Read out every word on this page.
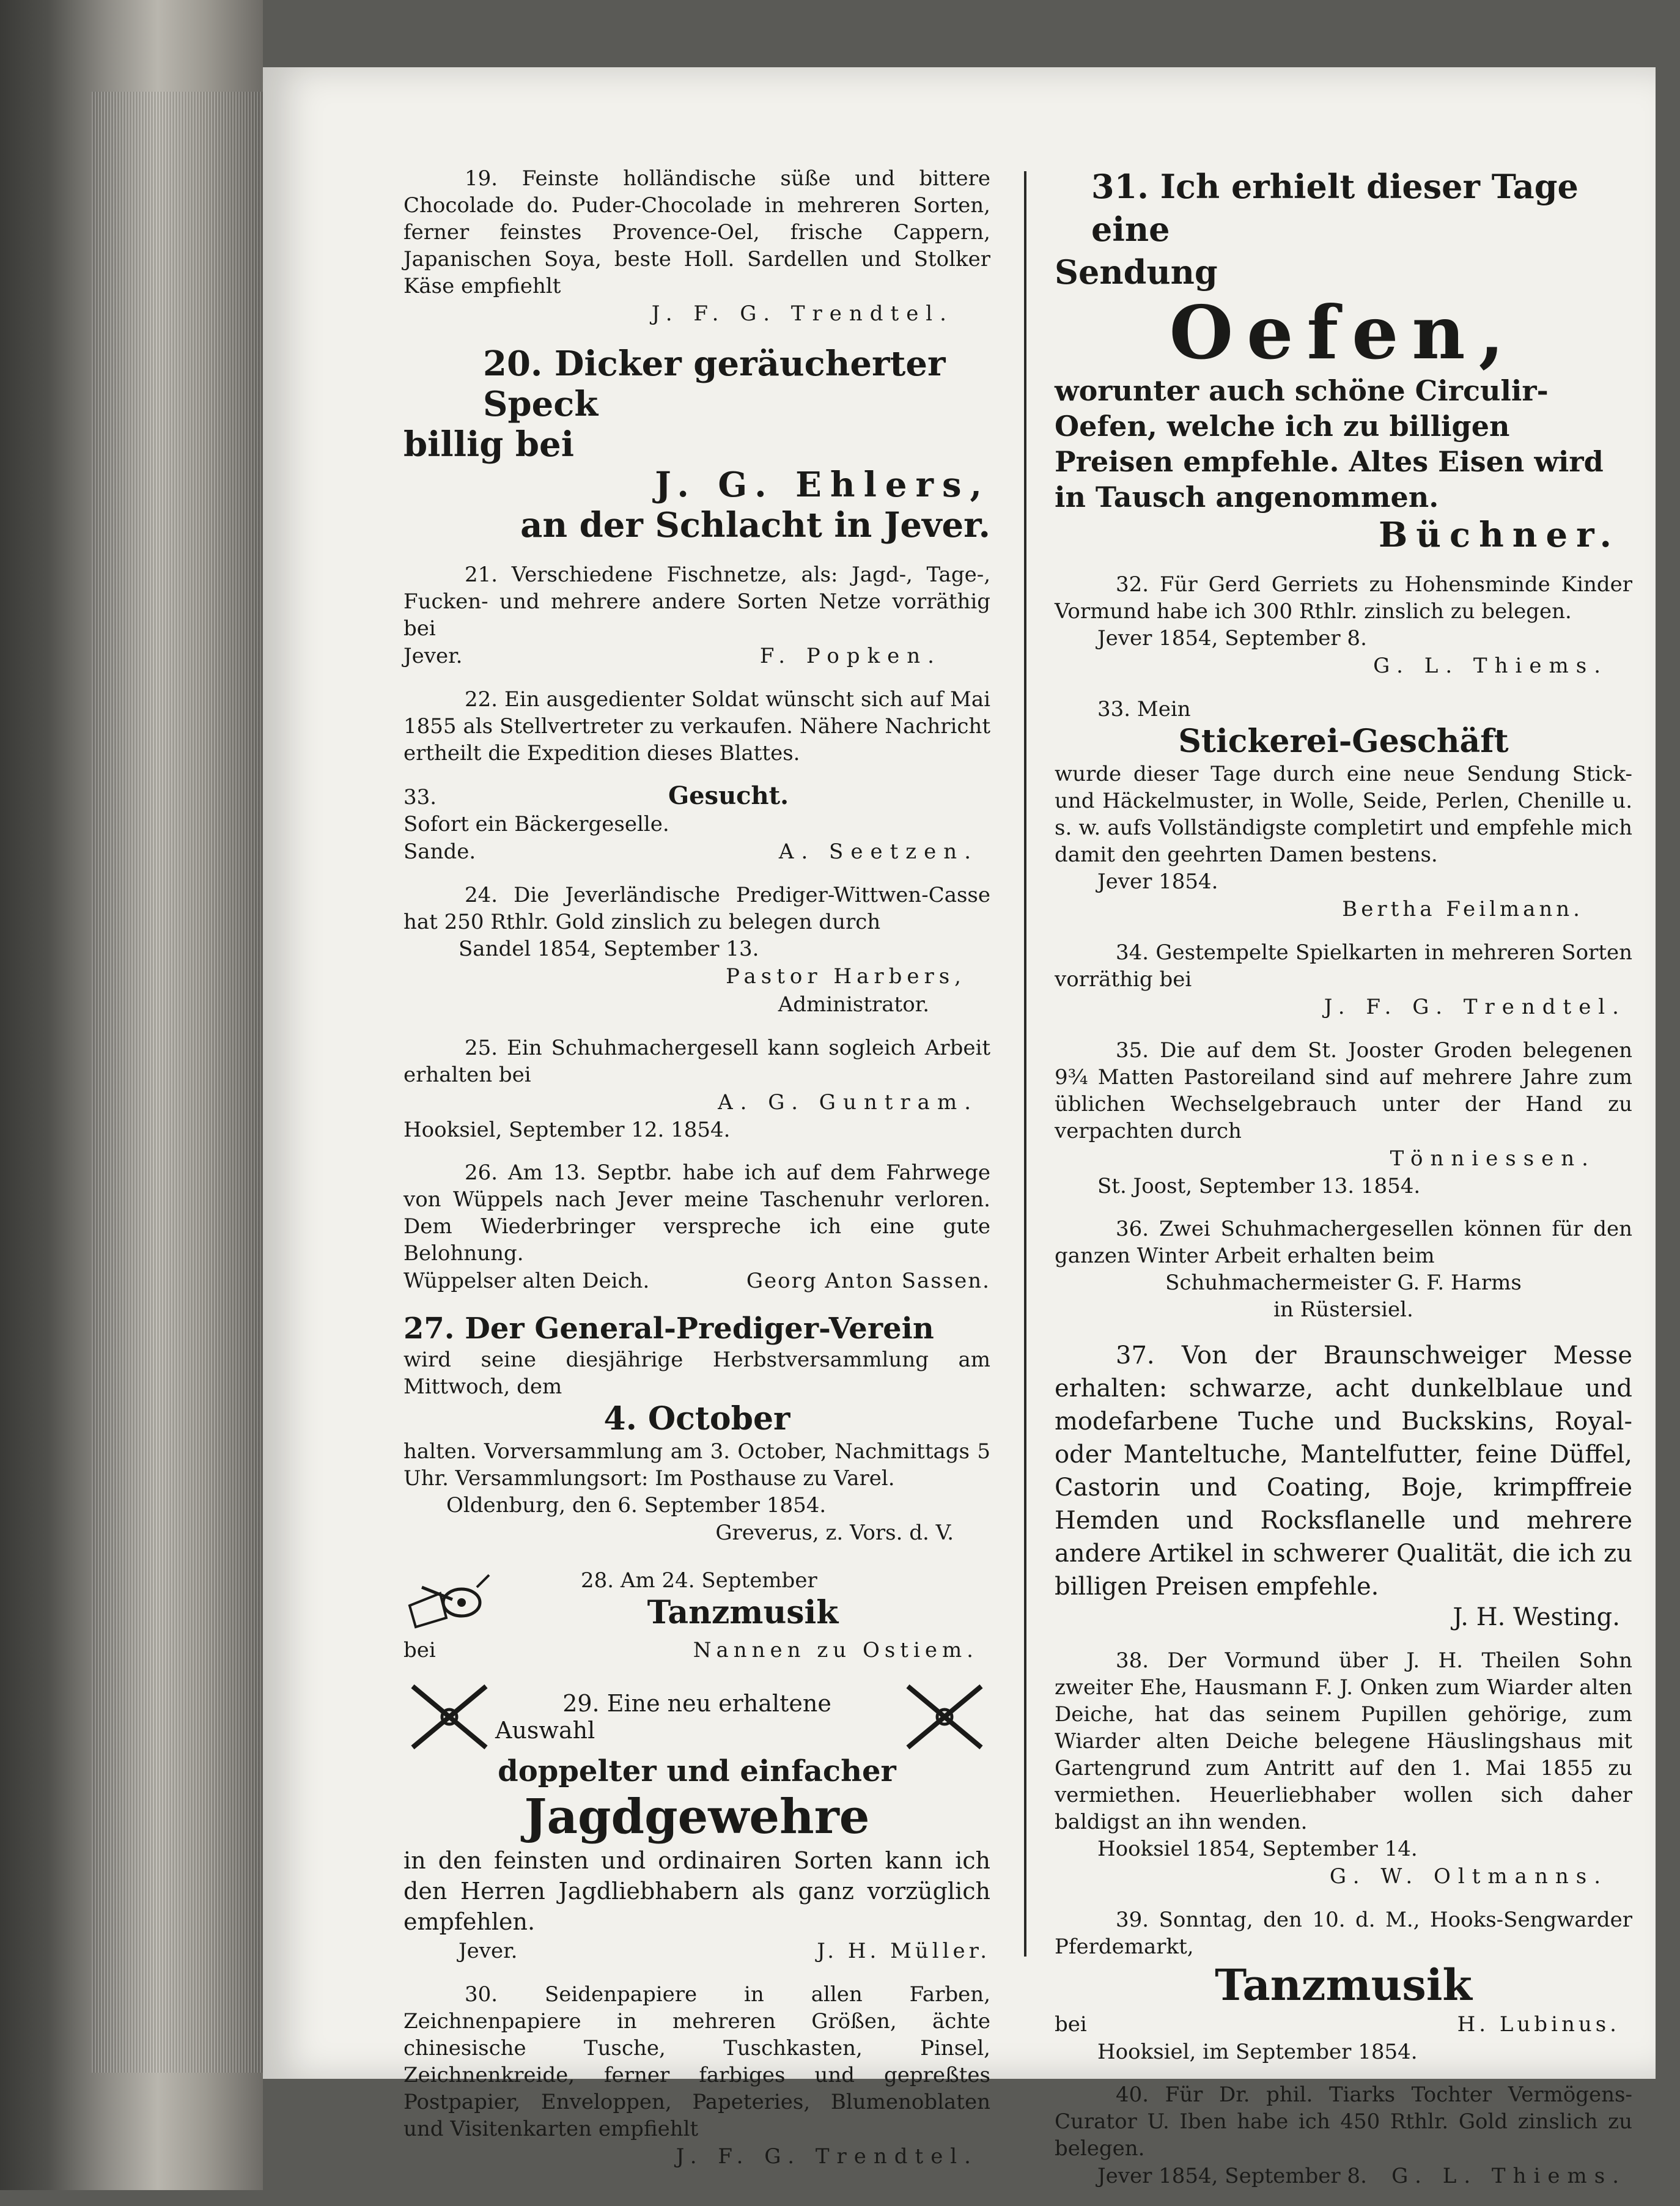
19. Feinste holländische süße und bittere Chocolade do. Puder-Chocolade in mehreren Sorten, ferner feinstes Provence-Oel, frische Cappern, Japanischen Soya, beste Holl. Sardellen und Stolker Käse empfiehlt

J. F. G. Trendtel.

20. Dicker geräucherter Speck

billig bei

J. G. Ehlers,

an der Schlacht in Jever.

21. Verschiedene Fischnetze, als: Jagd-, Tage-, Fucken- und mehrere andere Sorten Netze vorräthig bei

Jever.	F. Popken.

22. Ein ausgedienter Soldat wünscht sich auf Mai 1855 als Stellvertreter zu verkaufen. Nähere Nachricht ertheilt die Expedition dieses Blattes.

33.	Gesucht.

Sofort ein Bäckergeselle.

Sande.	A. Seetzen.

24. Die Jeverländische Prediger-Wittwen-Casse hat 250 Rthlr. Gold zinslich zu belegen durch

Sandel 1854, September 13.

Pastor Harbers,

Administrator.

25. Ein Schuhmachergesell kann sogleich Arbeit erhalten bei

A. G. Guntram.

Hooksiel, September 12. 1854.

26. Am 13. Septbr. habe ich auf dem Fahrwege von Wüppels nach Jever meine Taschenuhr verloren. Dem Wiederbringer verspreche ich eine gute Belohnung.

Wüppelser alten Deich.	Georg Anton Sassen.

27. Der General-Prediger-Verein

wird seine diesjährige Herbstversammlung am Mittwoch, dem

4. October

halten. Vorversammlung am 3. October, Nachmittags 5 Uhr. Versammlungsort: Im Posthause zu Varel.

Oldenburg, den 6. September 1854.

Greverus, z. Vors. d. V.

28. Am 24. September

Tanzmusik

bei	Nannen zu Ostiem.

29. Eine neu erhaltene

Auswahl

doppelter und einfacher

Jagdgewehre

in den feinsten und ordinairen Sorten kann ich den Herren Jagdliebhabern als ganz vorzüglich empfehlen.

Jever.	J. H. Müller.

30. Seidenpapiere in allen Farben, Zeichnenpapiere in mehreren Größen, ächte chinesische Tusche, Tuschkasten, Pinsel, Zeichnenkreide, ferner farbiges und gepreßtes Postpapier, Enveloppen, Papeteries, Blumenoblaten und Visitenkarten empfiehlt

J. F. G. Trendtel.

31. Ich erhielt dieser Tage eine

Sendung

Oefen,

worunter auch schöne Circulir-Oefen, welche ich zu billigen Preisen empfehle. Altes Eisen wird in Tausch angenommen.

Büchner.

32. Für Gerd Gerriets zu Hohensminde Kinder Vormund habe ich 300 Rthlr. zinslich zu belegen.

Jever 1854, September 8.

G. L. Thiems.

33. Mein

Stickerei-Geschäft

wurde dieser Tage durch eine neue Sendung Stick- und Häckelmuster, in Wolle, Seide, Perlen, Chenille u. s. w. aufs Vollständigste completirt und empfehle mich damit den geehrten Damen bestens.

Jever 1854.

Bertha Feilmann.

34. Gestempelte Spielkarten in mehreren Sorten vorräthig bei

J. F. G. Trendtel.

35. Die auf dem St. Jooster Groden belegenen 9¾ Matten Pastoreiland sind auf mehrere Jahre zum üblichen Wechselgebrauch unter der Hand zu verpachten durch

Tönniessen.

St. Joost, September 13. 1854.

36. Zwei Schuhmachergesellen können für den ganzen Winter Arbeit erhalten beim

Schuhmachermeister G. F. Harms

in Rüstersiel.

37. Von der Braunschweiger Messe erhalten: schwarze, acht dunkelblaue und modefarbene Tuche und Buckskins, Royal- oder Manteltuche, Mantelfutter, feine Düffel, Castorin und Coating, Boje, krimpffreie Hemden und Rocksflanelle und mehrere andere Artikel in schwerer Qualität, die ich zu billigen Preisen empfehle.

J. H. Westing.

38. Der Vormund über J. H. Theilen Sohn zweiter Ehe, Hausmann F. J. Onken zum Wiarder alten Deiche, hat das seinem Pupillen gehörige, zum Wiarder alten Deiche belegene Häuslingshaus mit Gartengrund zum Antritt auf den 1. Mai 1855 zu vermiethen. Heuerliebhaber wollen sich daher baldigst an ihn wenden.

Hooksiel 1854, September 14.

G. W. Oltmanns.

39. Sonntag, den 10. d. M., Hooks-Sengwarder Pferdemarkt,

Tanzmusik

bei	H. Lubinus.

Hooksiel, im September 1854.

40. Für Dr. phil. Tiarks Tochter Vermögens-Curator U. Iben habe ich 450 Rthlr. Gold zinslich zu belegen.

Jever 1854, September 8. G. L. Thiems.
